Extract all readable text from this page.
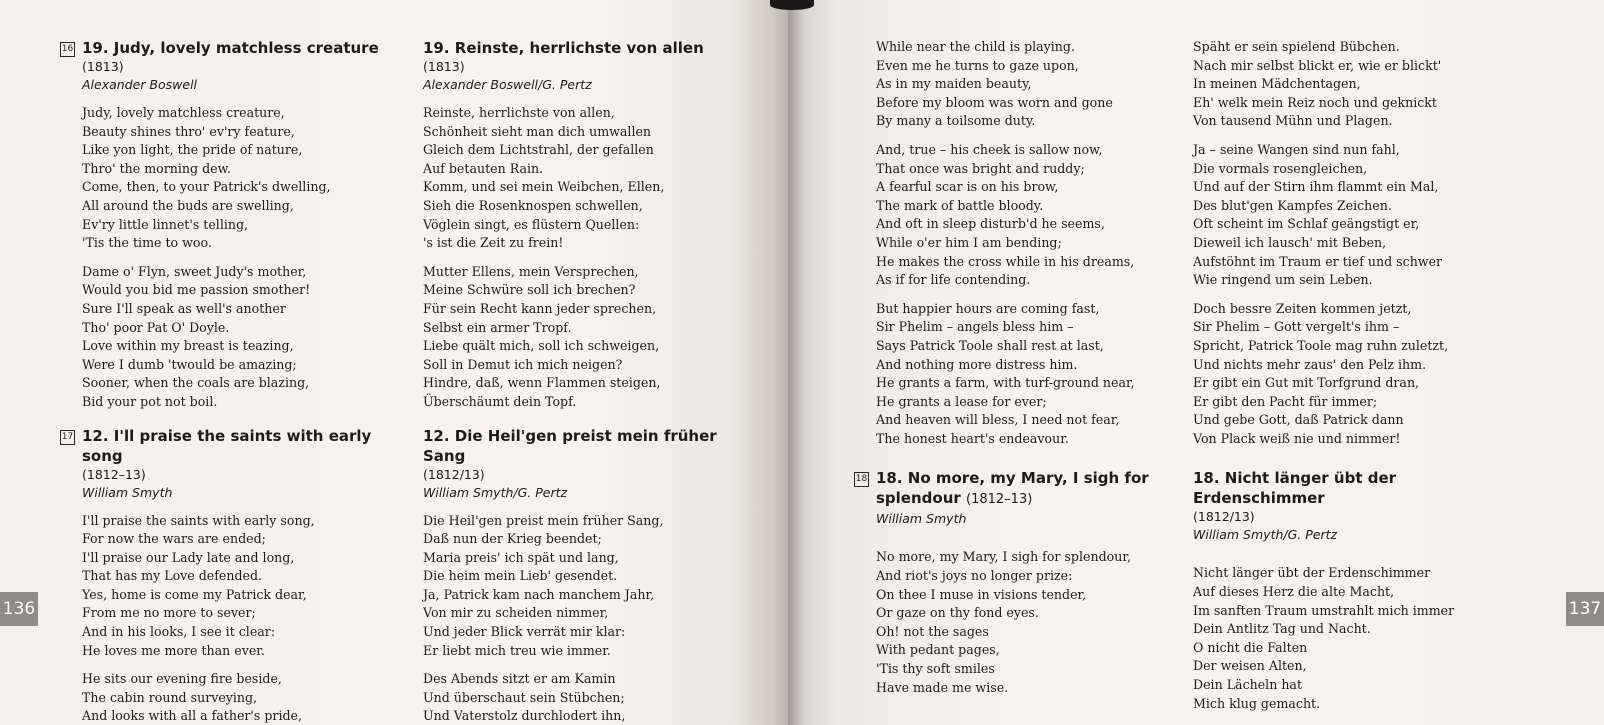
16 19. Judy, lovely matchless creature
(1813)
Alexander Boswell
Judy, lovely matchless creature,
Beauty shines thro' ev'ry feature,
Like yon light, the pride of nature,
Thro' the morning dew.
Come, then, to your Patrick's dwelling,
All around the buds are swelling,
Ev'ry little linnet's telling,
'Tis the time to woo.
Dame o' Flyn, sweet Judy's mother,
Would you bid me passion smother!
Sure I'll speak as well's another
Tho' poor Pat O' Doyle.
Love within my breast is teazing,
Were I dumb 'twould be amazing;
Sooner, when the coals are blazing,
Bid your pot not boil.
17 12. I'll praise the saints with early song
(1812–13)
William Smyth
I'll praise the saints with early song,
For now the wars are ended;
I'll praise our Lady late and long,
That has my Love defended.
Yes, home is come my Patrick dear,
From me no more to sever;
And in his looks, I see it clear:
He loves me more than ever.
He sits our evening fire beside,
The cabin round surveying,
And looks with all a father's pride,
19. Reinste, herrlichste von allen
(1813)
Alexander Boswell/G. Pertz
Reinste, herrlichste von allen,
Schönheit sieht man dich umwallen
Gleich dem Lichtstrahl, der gefallen
Auf betauten Rain.
Komm, und sei mein Weibchen, Ellen,
Sieh die Rosenknospen schwellen,
Vöglein singt, es flüstern Quellen:
's ist die Zeit zu frein!
Mutter Ellens, mein Versprechen,
Meine Schwüre soll ich brechen?
Für sein Recht kann jeder sprechen,
Selbst ein armer Tropf.
Liebe quält mich, soll ich schweigen,
Soll in Demut ich mich neigen?
Hindre, daß, wenn Flammen steigen,
Überschäumt dein Topf.
12. Die Heil'gen preist mein früher Sang
(1812/13)
William Smyth/G. Pertz
Die Heil'gen preist mein früher Sang,
Daß nun der Krieg beendet;
Maria preis' ich spät und lang,
Die heim mein Lieb' gesendet.
Ja, Patrick kam nach manchem Jahr,
Von mir zu scheiden nimmer,
Und jeder Blick verrät mir klar:
Er liebt mich treu wie immer.
Des Abends sitzt er am Kamin
Und überschaut sein Stübchen;
Und Vaterstolz durchlodert ihn,
136
While near the child is playing.
Even me he turns to gaze upon,
As in my maiden beauty,
Before my bloom was worn and gone
By many a toilsome duty.
And, true – his cheek is sallow now,
That once was bright and ruddy;
A fearful scar is on his brow,
The mark of battle bloody.
And oft in sleep disturb'd he seems,
While o'er him I am bending;
He makes the cross while in his dreams,
As if for life contending.
But happier hours are coming fast,
Sir Phelim – angels bless him –
Says Patrick Toole shall rest at last,
And nothing more distress him.
He grants a farm, with turf-ground near,
He grants a lease for ever;
And heaven will bless, I need not fear,
The honest heart's endeavour.
18 18. No more, my Mary, I sigh for
splendour (1812–13)
William Smyth
No more, my Mary, I sigh for splendour,
And riot's joys no longer prize:
On thee I muse in visions tender,
Or gaze on thy fond eyes.
Oh! not the sages
With pedant pages,
'Tis thy soft smiles
Have made me wise.
Späht er sein spielend Bübchen.
Nach mir selbst blickt er, wie er blickt'
In meinen Mädchentagen,
Eh' welk mein Reiz noch und geknickt
Von tausend Mühn und Plagen.
Ja – seine Wangen sind nun fahl,
Die vormals rosengleichen,
Und auf der Stirn ihm flammt ein Mal,
Des blut'gen Kampfes Zeichen.
Oft scheint im Schlaf geängstigt er,
Dieweil ich lausch' mit Beben,
Aufstöhnt im Traum er tief und schwer
Wie ringend um sein Leben.
Doch bessre Zeiten kommen jetzt,
Sir Phelim – Gott vergelt's ihm –
Spricht, Patrick Toole mag ruhn zuletzt,
Und nichts mehr zaus' den Pelz ihm.
Er gibt ein Gut mit Torfgrund dran,
Er gibt den Pacht für immer;
Und gebe Gott, daß Patrick dann
Von Plack weiß nie und nimmer!
18. Nicht länger übt der Erdenschimmer
(1812/13)
William Smyth/G. Pertz
Nicht länger übt der Erdenschimmer
Auf dieses Herz die alte Macht,
Im sanften Traum umstrahlt mich immer
Dein Antlitz Tag und Nacht.
O nicht die Falten
Der weisen Alten,
Dein Lächeln hat
Mich klug gemacht.
137
